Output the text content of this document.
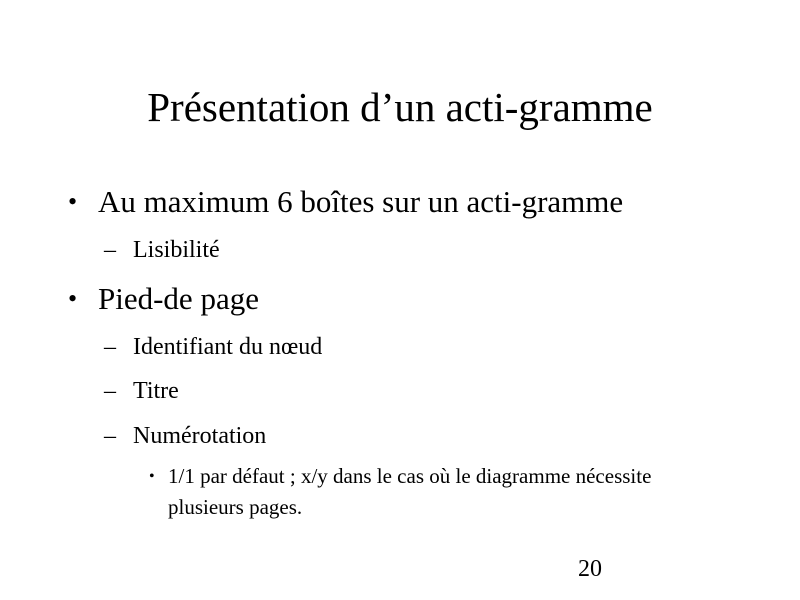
Présentation d’un acti-gramme
• Au maximum 6 boîtes sur un acti-gramme
– Lisibilité
• Pied-de page
– Identifiant du nœud
– Titre
– Numérotation
• 1/1 par défaut ; x/y dans le cas où le diagramme nécessite plusieurs pages.
20
